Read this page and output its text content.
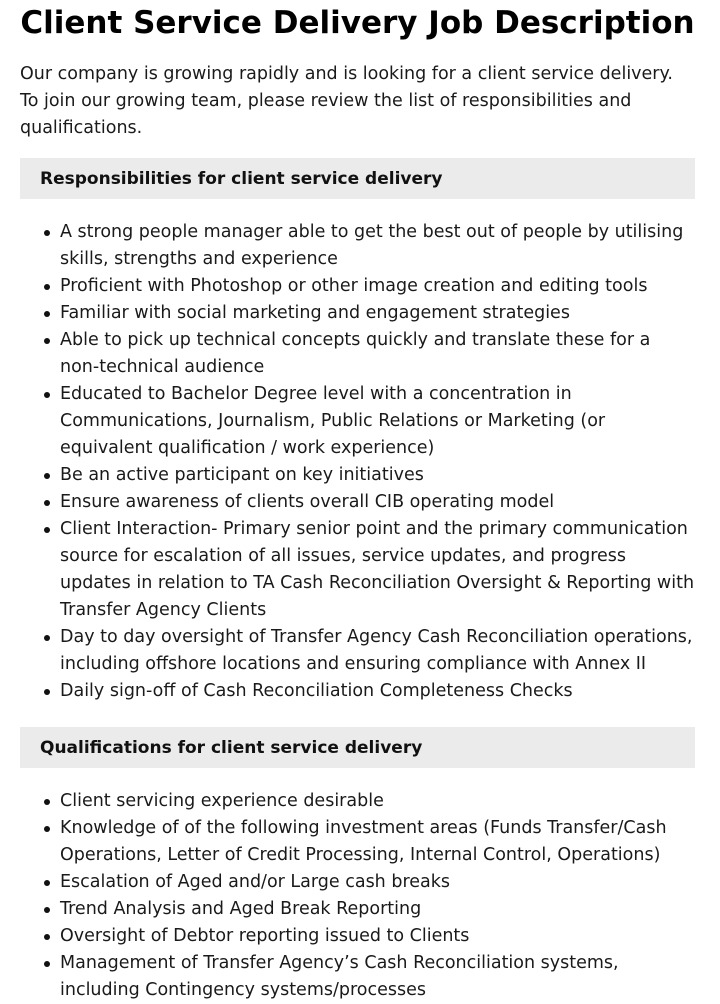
Client Service Delivery Job Description

Our company is growing rapidly and is looking for a client service delivery. To join our growing team, please review the list of responsibilities and qualifications.

Responsibilities for client service delivery
A strong people manager able to get the best out of people by utilising skills, strengths and experience
Proficient with Photoshop or other image creation and editing tools
Familiar with social marketing and engagement strategies
Able to pick up technical concepts quickly and translate these for a non-technical audience
Educated to Bachelor Degree level with a concentration in Communications, Journalism, Public Relations or Marketing (or equivalent qualification / work experience)
Be an active participant on key initiatives
Ensure awareness of clients overall CIB operating model
Client Interaction- Primary senior point and the primary communication source for escalation of all issues, service updates, and progress updates in relation to TA Cash Reconciliation Oversight & Reporting with Transfer Agency Clients
Day to day oversight of Transfer Agency Cash Reconciliation operations, including offshore locations and ensuring compliance with Annex II
Daily sign-off of Cash Reconciliation Completeness Checks
Qualifications for client service delivery
Client servicing experience desirable
Knowledge of of the following investment areas (Funds Transfer/Cash Operations, Letter of Credit Processing, Internal Control, Operations)
Escalation of Aged and/or Large cash breaks
Trend Analysis and Aged Break Reporting
Oversight of Debtor reporting issued to Clients
Management of Transfer Agency’s Cash Reconciliation systems, including Contingency systems/processes
